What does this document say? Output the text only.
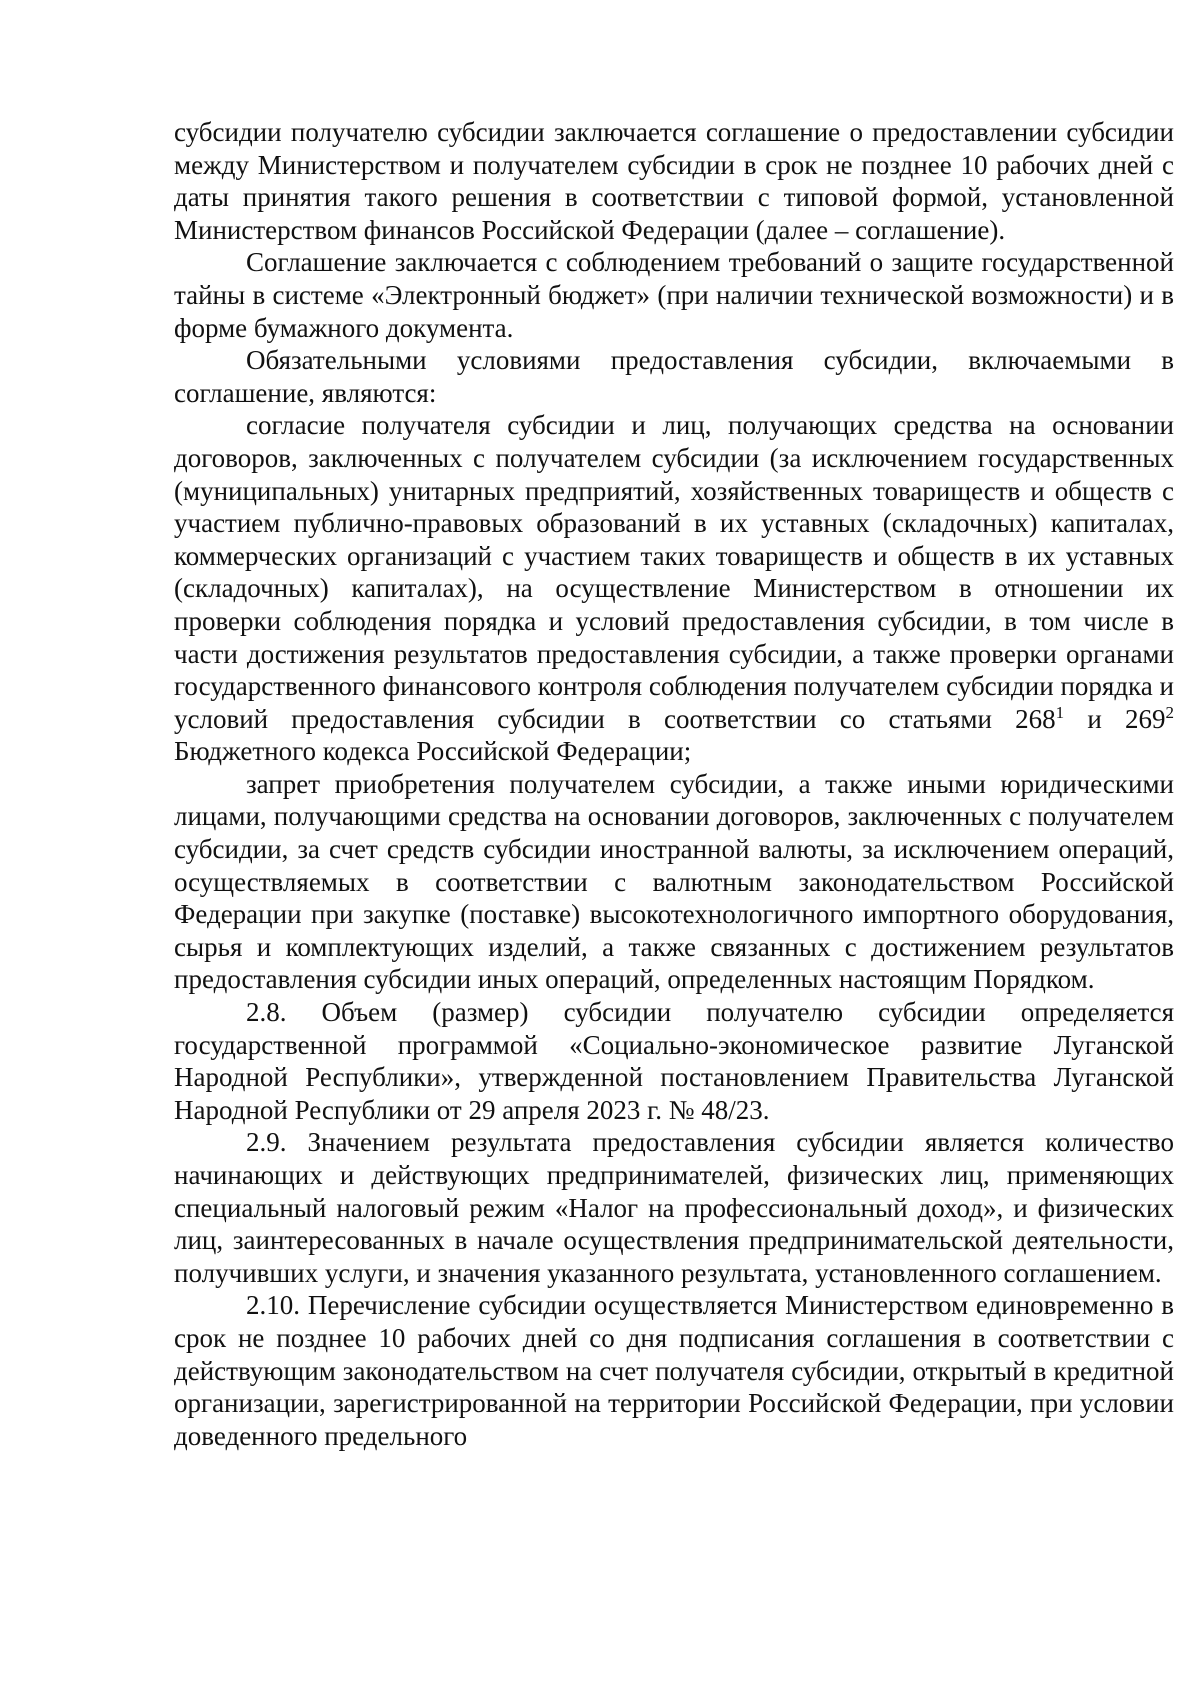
субсидии получателю субсидии заключается соглашение о предоставлении субсидии между Министерством и получателем субсидии в срок не позднее 10 рабочих дней с даты принятия такого решения в соответствии с типовой формой, установленной Министерством финансов Российской Федерации (далее – соглашение).

Соглашение заключается с соблюдением требований о защите государственной тайны в системе «Электронный бюджет» (при наличии технической возможности) и в форме бумажного документа.

Обязательными условиями предоставления субсидии, включаемыми в соглашение, являются:

согласие получателя субсидии и лиц, получающих средства на основании договоров, заключенных с получателем субсидии (за исключением государственных (муниципальных) унитарных предприятий, хозяйственных товариществ и обществ с участием публично-правовых образований в их уставных (складочных) капиталах, коммерческих организаций с участием таких товариществ и обществ в их уставных (складочных) капиталах), на осуществление Министерством в отношении их проверки соблюдения порядка и условий предоставления субсидии, в том числе в части достижения результатов предоставления субсидии, а также проверки органами государственного финансового контроля соблюдения получателем субсидии порядка и условий предоставления субсидии в соответствии со статьями $268^1$ и $269^2$ Бюджетного кодекса Российской Федерации;

запрет приобретения получателем субсидии, а также иными юридическими лицами, получающими средства на основании договоров, заключенных с получателем субсидии, за счет средств субсидии иностранной валюты, за исключением операций, осуществляемых в соответствии с валютным законодательством Российской Федерации при закупке (поставке) высокотехнологичного импортного оборудования, сырья и комплектующих изделий, а также связанных с достижением результатов предоставления субсидии иных операций, определенных настоящим Порядком.

2.8. Объем (размер) субсидии получателю субсидии определяется государственной программой «Социально-экономическое развитие Луганской Народной Республики», утвержденной постановлением Правительства Луганской Народной Республики от 29 апреля 2023 г. № 48/23.

2.9. Значением результата предоставления субсидии является количество начинающих и действующих предпринимателей, физических лиц, применяющих специальный налоговый режим «Налог на профессиональный доход», и физических лиц, заинтересованных в начале осуществления предпринимательской деятельности, получивших услуги, и значения указанного результата, установленного соглашением.

2.10. Перечисление субсидии осуществляется Министерством единовременно в срок не позднее 10 рабочих дней со дня подписания соглашения в соответствии с действующим законодательством на счет получателя субсидии, открытый в кредитной организации, зарегистрированной на территории Российской Федерации, при условии доведенного предельного
